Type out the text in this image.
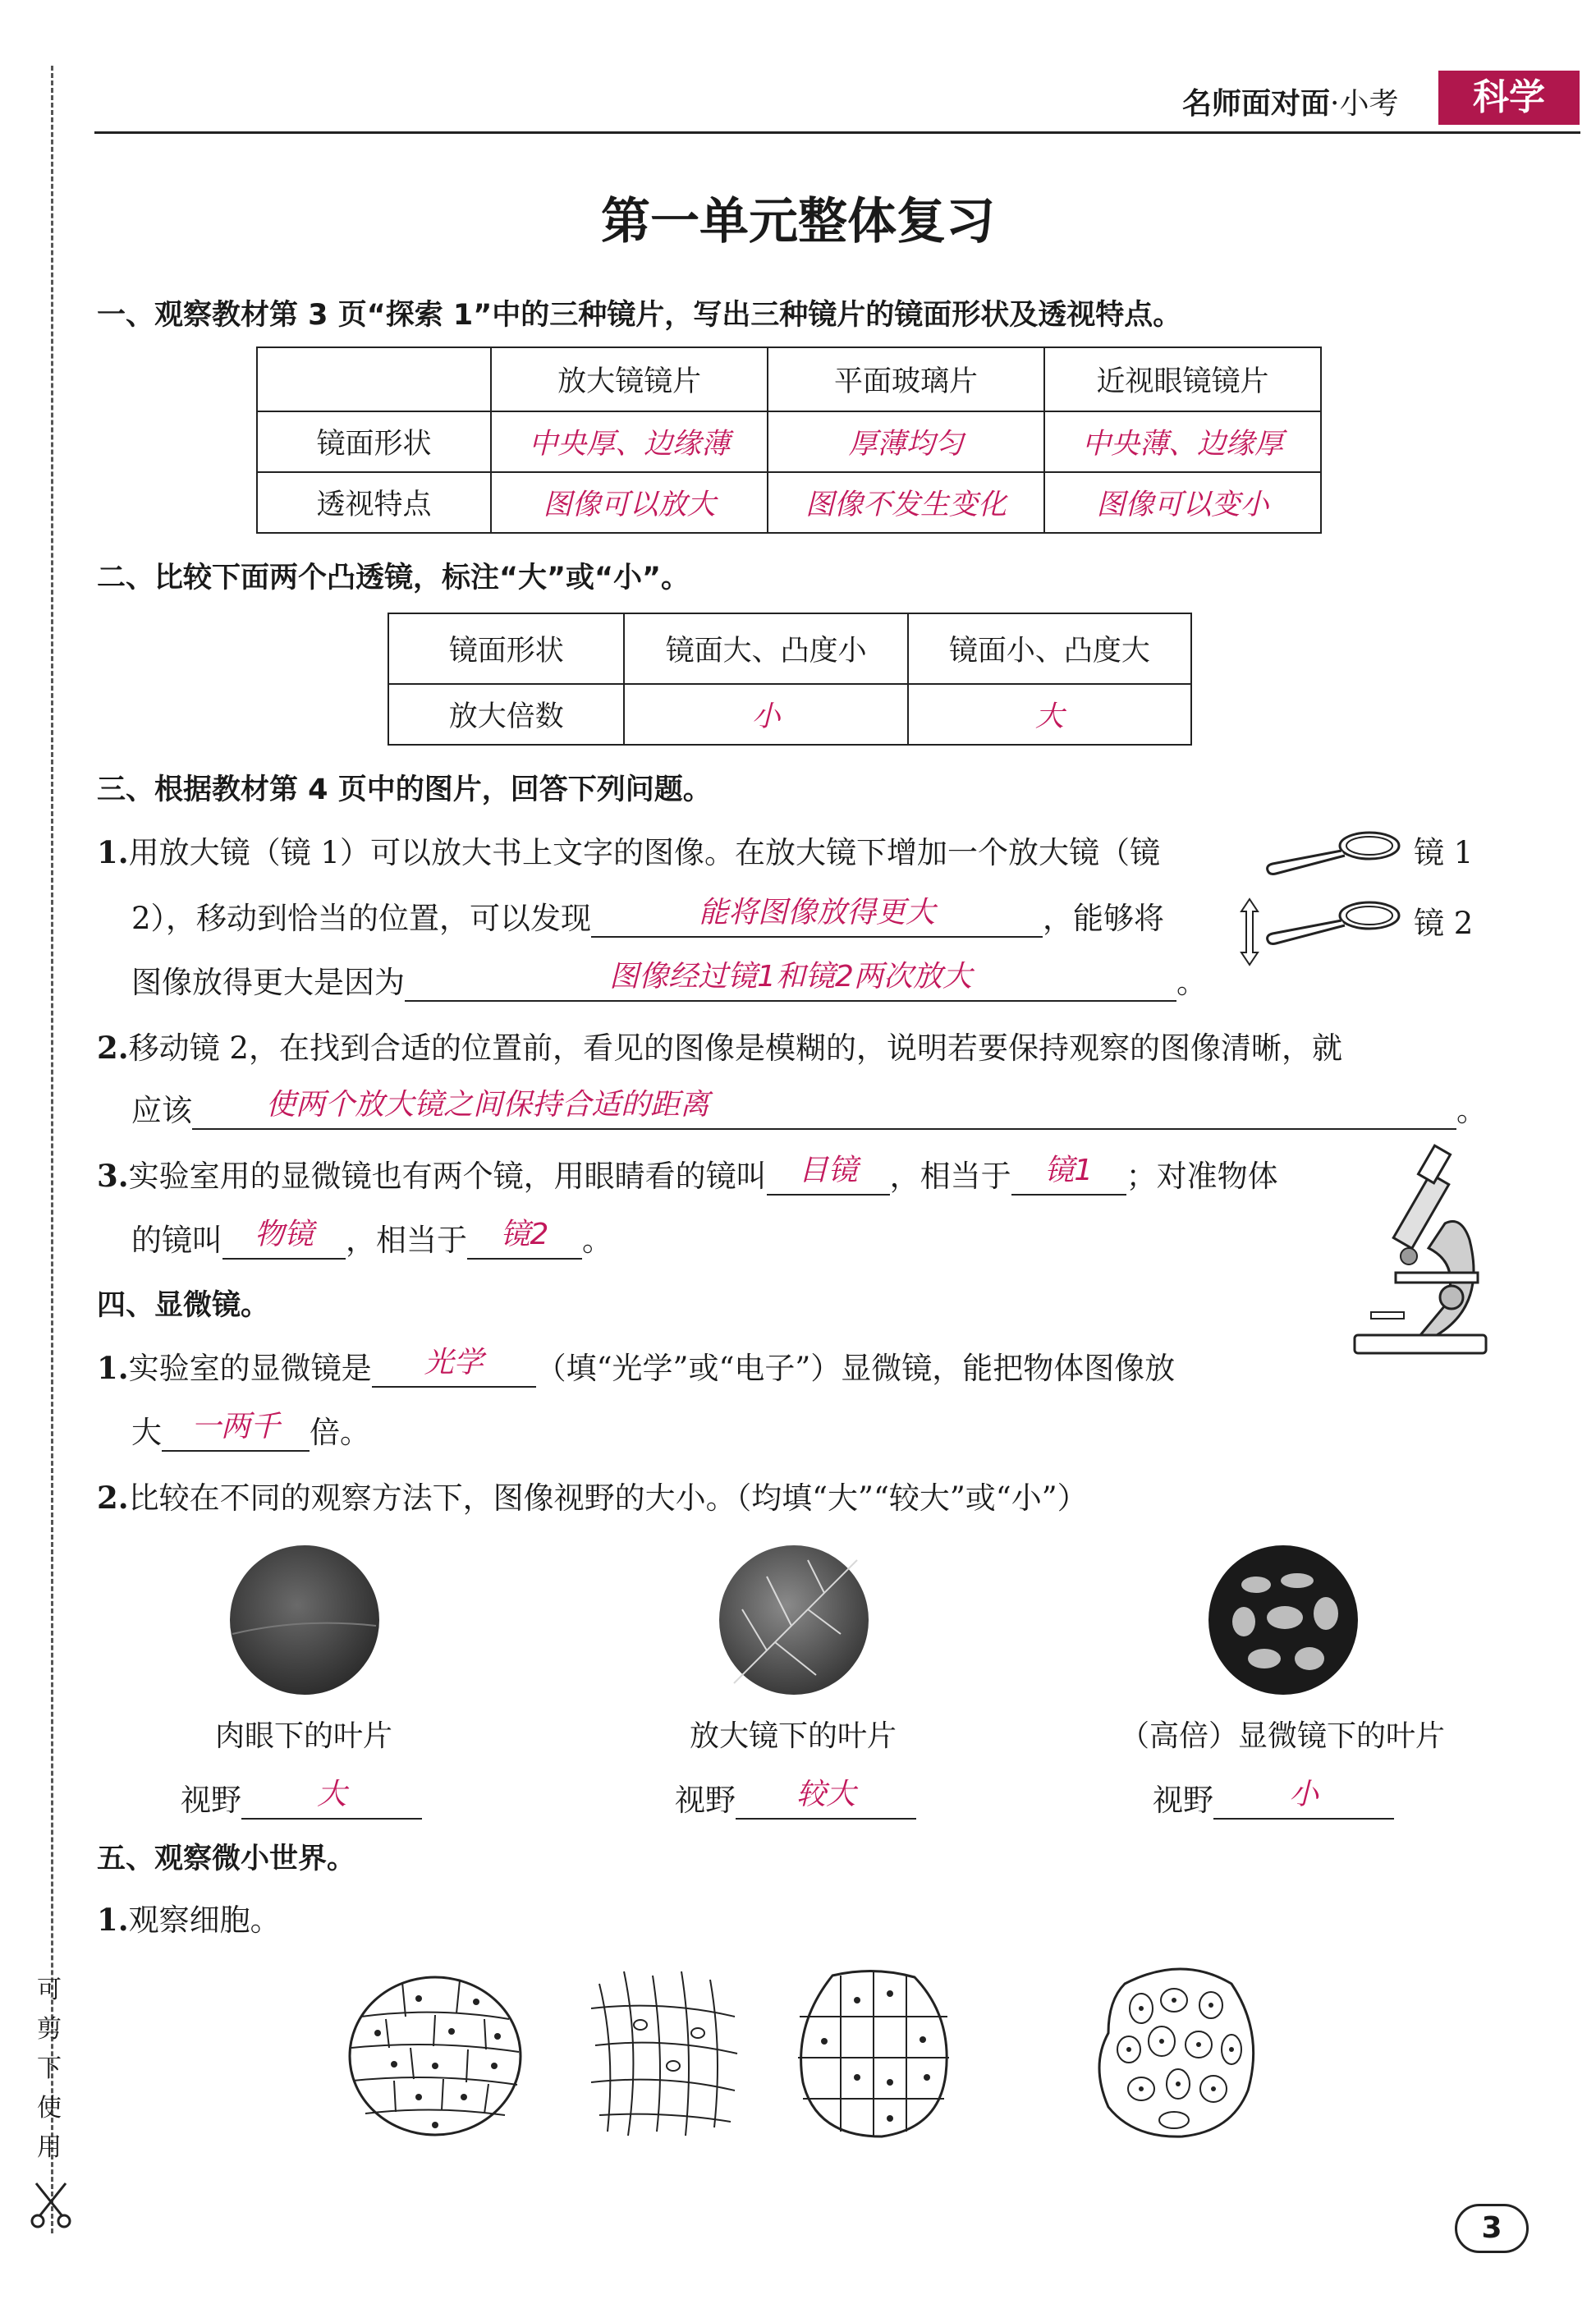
可剪下使用
名师面对面·小考	科学
第一单元整体复习
一、观察教材第 3 页“探索 1”中的三种镜片，写出三种镜片的镜面形状及透视特点。
	放大镜镜片	平面玻璃片	近视眼镜镜片
镜面形状	中央厚、边缘薄	厚薄均匀	中央薄、边缘厚
透视特点	图像可以放大	图像不发生变化	图像可以变小
二、比较下面两个凸透镜，标注“大”或“小”。
镜面形状	镜面大、凸度小	镜面小、凸度大
放大倍数	小	大
三、根据教材第 4 页中的图片，回答下列问题。
1.用放大镜（镜 1）可以放大书上文字的图像。在放大镜下增加一个放大镜（镜
2），移动到恰当的位置，可以发现	能将图像放得更大	，能够将
图像放得更大是因为	图像经过镜1和镜2两次放大	。
镜 1
镜 2
2.移动镜 2，在找到合适的位置前，看见的图像是模糊的，说明若要保持观察的图像清晰，就
应该	使两个放大镜之间保持合适的距离	。
3.实验室用的显微镜也有两个镜，用眼睛看的镜叫 目镜 ，相当于 镜1 ；对准物体
的镜叫 物镜 ，相当于 镜2 。
四、显微镜。
1.实验室的显微镜是 光学 （填“光学”或“电子”）显微镜，能把物体图像放
大 一两千 倍。
2.比较在不同的观察方法下，图像视野的大小。（均填“大”“较大”或“小”）
肉眼下的叶片	放大镜下的叶片	（高倍）显微镜下的叶片
视野	大	视野 较大	视野	小
五、观察微小世界。
1.观察细胞。
3
